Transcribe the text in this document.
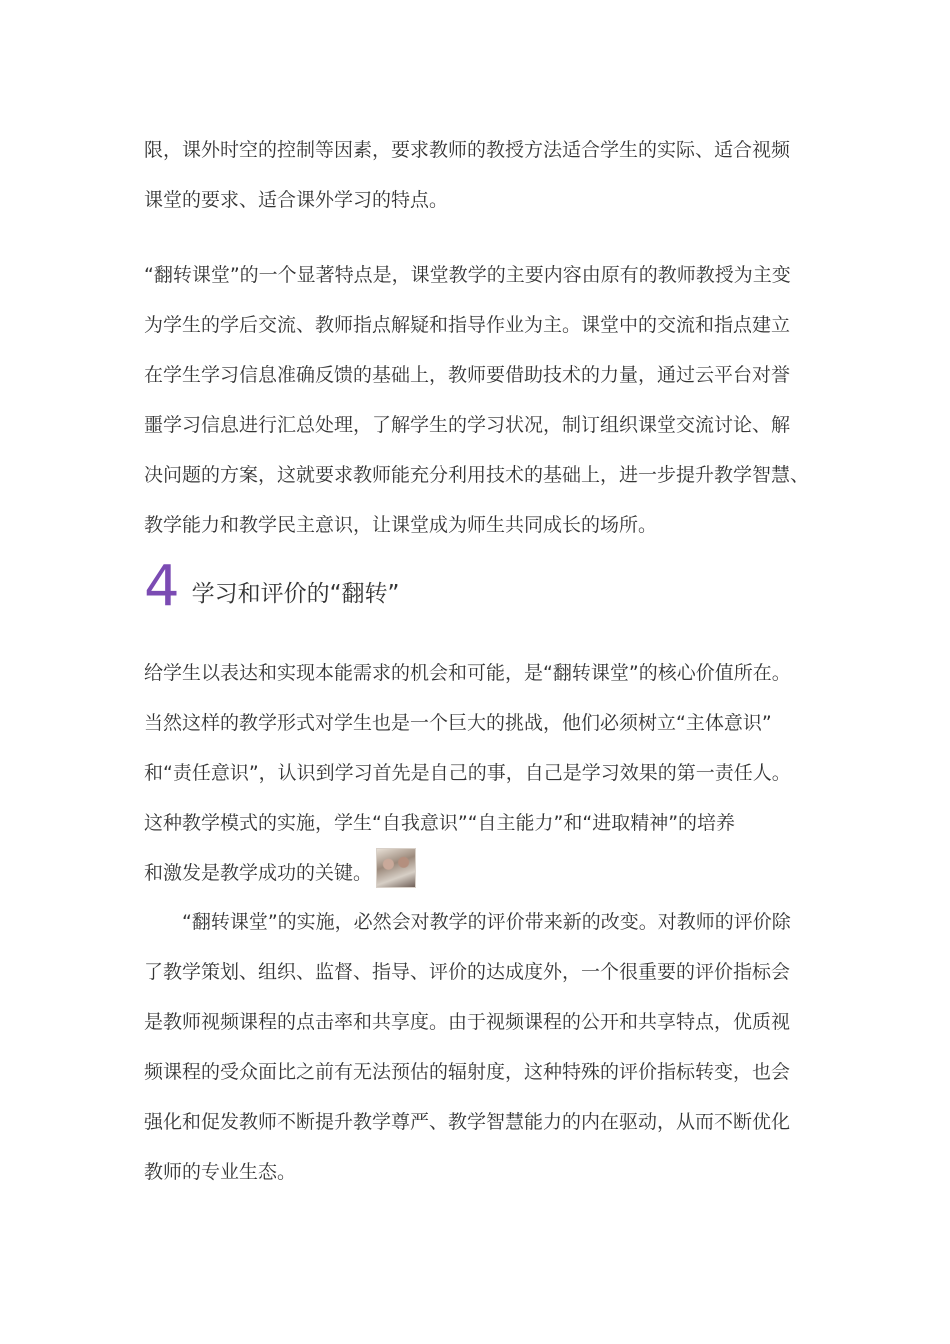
限，课外时空的控制等因素，要求教师的教授方法适合学生的实际、适合视频
课堂的要求、适合课外学习的特点。

“翻转课堂”的一个显著特点是，课堂教学的主要内容由原有的教师教授为主变
为学生的学后交流、教师指点解疑和指导作业为主。课堂中的交流和指点建立
在学生学习信息准确反馈的基础上，教师要借助技术的力量，通过云平台对誉
噩学习信息进行汇总处理，了解学生的学习状况，制订组织课堂交流讨论、解
决问题的方案，这就要求教师能充分利用技术的基础上，进一步提升教学智慧、
教学能力和教学民主意识，让课堂成为师生共同成长的场所。

4 学习和评价的“翻转”

给学生以表达和实现本能需求的机会和可能，是“翻转课堂”的核心价值所在。
当然这样的教学形式对学生也是一个巨大的挑战，他们必须树立“主体意识”
和“责任意识”，认识到学习首先是自己的事，自己是学习效果的第一责任人。
这种教学模式的实施，学生“自我意识”“自主能力”和“进取精神”的培养
和激发是教学成功的关键。

“翻转课堂”的实施，必然会对教学的评价带来新的改变。对教师的评价除
了教学策划、组织、监督、指导、评价的达成度外，一个很重要的评价指标会
是教师视频课程的点击率和共享度。由于视频课程的公开和共享特点，优质视
频课程的受众面比之前有无法预估的辐射度，这种特殊的评价指标转变，也会
强化和促发教师不断提升教学尊严、教学智慧能力的内在驱动，从而不断优化
教师的专业生态。
